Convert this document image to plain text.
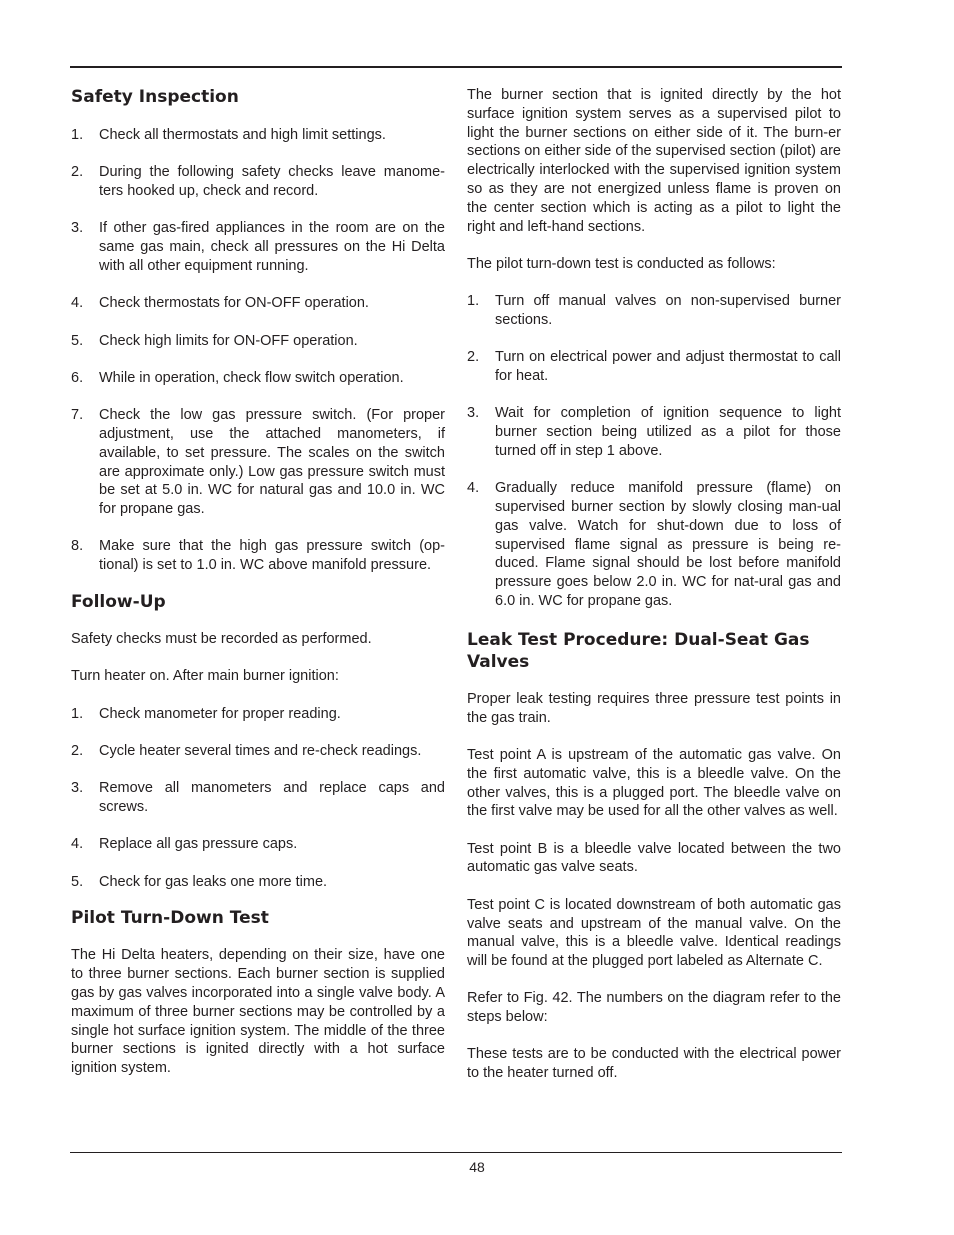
Safety Inspection
1. Check all thermostats and high limit settings.
2. During the following safety checks leave manome-ters hooked up, check and record.
3. If other gas-fired appliances in the room are on the same gas main, check all pressures on the Hi Delta with all other equipment running.
4. Check thermostats for ON-OFF operation.
5. Check high limits for ON-OFF operation.
6. While in operation, check flow switch operation.
7. Check the low gas pressure switch. (For proper adjustment, use the attached manometers, if available, to set pressure. The scales on the switch are approximate only.) Low gas pressure switch must be set at 5.0 in. WC for natural gas and 10.0 in. WC for propane gas.
8. Make sure that the high gas pressure switch (op-tional) is set to 1.0 in. WC above manifold pressure.
Follow-Up

Safety checks must be recorded as performed.

Turn heater on. After main burner ignition:

1. Check manometer for proper reading.
2. Cycle heater several times and re-check readings.
3. Remove all manometers and replace caps and screws.
4. Replace all gas pressure caps.
5. Check for gas leaks one more time.
Pilot Turn-Down Test

The Hi Delta heaters, depending on their size, have one to three burner sections. Each burner section is supplied gas by gas valves incorporated into a single valve body. A maximum of three burner sections may be controlled by a single hot surface ignition system. The middle of the three burner sections is ignited directly with a hot surface ignition system.

The burner section that is ignited directly by the hot surface ignition system serves as a supervised pilot to light the burner sections on either side of it. The burn-er sections on either side of the supervised section (pilot) are electrically interlocked with the supervised ignition system so as they are not energized unless flame is proven on the center section which is acting as a pilot to light the right and left-hand sections.

The pilot turn-down test is conducted as follows:

1. Turn off manual valves on non-supervised burner sections.
2. Turn on electrical power and adjust thermostat to call for heat.
3. Wait for completion of ignition sequence to light burner section being utilized as a pilot for those turned off in step 1 above.
4. Gradually reduce manifold pressure (flame) on supervised burner section by slowly closing man-ual gas valve. Watch for shut-down due to loss of supervised flame signal as pressure is being re-duced. Flame signal should be lost before manifold pressure goes below 2.0 in. WC for nat-ural gas and 6.0 in. WC for propane gas.
Leak Test Procedure: Dual-Seat Gas Valves

Proper leak testing requires three pressure test points in the gas train.

Test point A is upstream of the automatic gas valve. On the first automatic valve, this is a bleedle valve. On the other valves, this is a plugged port. The bleedle valve on the first valve may be used for all the other valves as well.

Test point B is a bleedle valve located between the two automatic gas valve seats.

Test point C is located downstream of both automatic gas valve seats and upstream of the manual valve. On the manual valve, this is a bleedle valve. Identical readings will be found at the plugged port labeled as Alternate C.

Refer to Fig. 42. The numbers on the diagram refer to the steps below:

These tests are to be conducted with the electrical power to the heater turned off.

48
